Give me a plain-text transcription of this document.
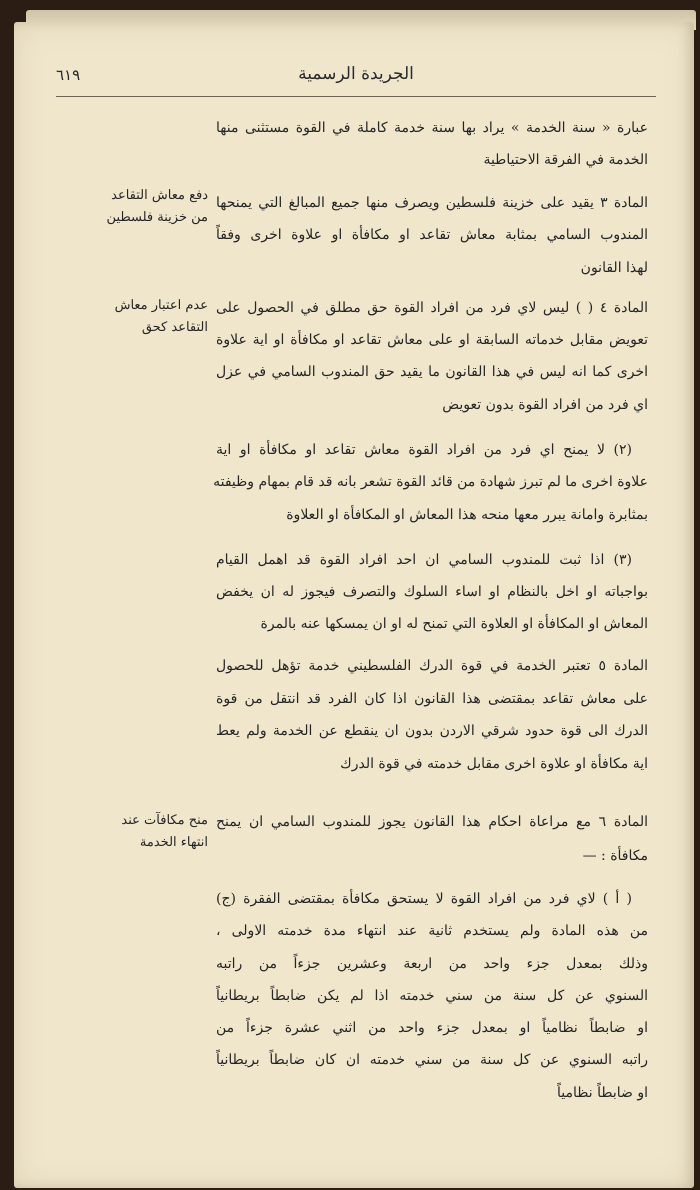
٦١٩	الجريدة الرسمية
دفع معاش التقاعد
من خزينة فلسطين
عدم اعتبار معاش
التقاعد كحق
منح مكافآت عند
انتهاء الخدمة
عبارة « سنة الخدمة » يراد بها سنة خدمة كاملة في القوة مستثنى منها
الخدمة في الفرقة الاحتياطية
المادة ٣ يقيد على خزينة فلسطين ويصرف منها جميع المبالغ التي يمنحها
المندوب السامي بمثابة معاش تقاعد او مكافأة او علاوة اخرى وفقاً
لهذا القانون
المادة ٤ ( ) ليس لاي فرد من افراد القوة حق مطلق في الحصول على
تعويض مقابل خدماته السابقة او على معاش تقاعد او مكافأة او اية علاوة
اخرى كما انه ليس في هذا القانون ما يقيد حق المندوب السامي في عزل
اي فرد من افراد القوة بدون تعويض
(٢) لا يمنح اي فرد من افراد القوة معاش تقاعد او مكافأة او اية
علاوة اخرى ما لم تبرز شهادة من قائد القوة تشعر بانه قد قام بمهام وظيفته
بمثابرة وامانة يبرر معها منحه هذا المعاش او المكافأة او العلاوة
(٣) اذا ثبت للمندوب السامي ان احد افراد القوة قد اهمل القيام
بواجباته او اخل بالنظام او اساء السلوك والتصرف فيجوز له ان يخفض
المعاش او المكافأة او العلاوة التي تمنح له او ان يمسكها عنه بالمرة
المادة ٥ تعتبر الخدمة في قوة الدرك الفلسطيني خدمة تؤهل للحصول
على معاش تقاعد بمقتضى هذا القانون اذا كان الفرد قد انتقل من قوة
الدرك الى قوة حدود شرقي الاردن بدون ان ينقطع عن الخدمة ولم يعط
اية مكافأة او علاوة اخرى مقابل خدمته في قوة الدرك
المادة ٦ مع مراعاة احكام هذا القانون يجوز للمندوب السامي ان يمنح
مكافأة : —
( أ ) لاي فرد من افراد القوة لا يستحق مكافأة بمقتضى الفقرة (ج)
من هذه المادة ولم يستخدم ثانية عند انتهاء مدة خدمته الاولى ،
وذلك بمعدل جزء واحد من اربعة وعشرين جزءاً من راتبه
السنوي عن كل سنة من سني خدمته اذا لم يكن ضابطاً بريطانياً
او ضابطاً نظامياً او بمعدل جزء واحد من اثني عشرة جزءاً من
راتبه السنوي عن كل سنة من سني خدمته ان كان ضابطاً بريطانياً
او ضابطاً نظامياً
